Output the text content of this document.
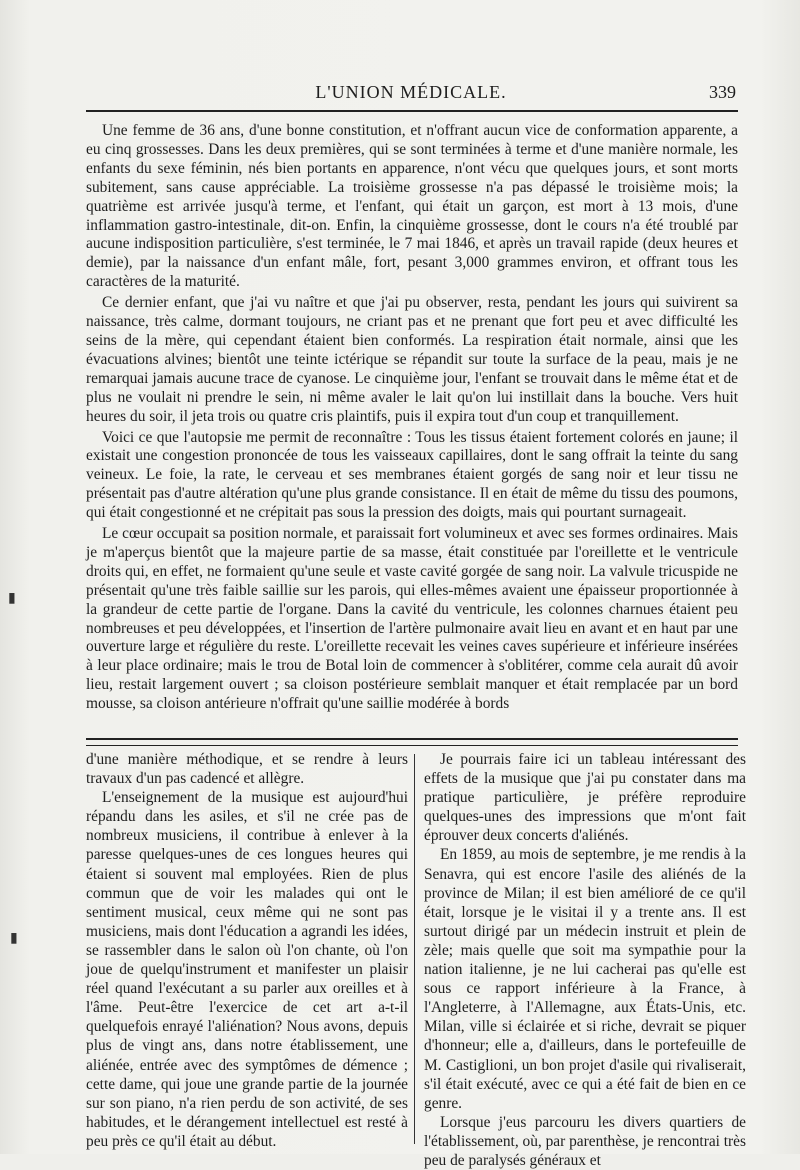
L'UNION MÉDICALE.	339

Une femme de 36 ans, d'une bonne constitution, et n'offrant aucun vice de conformation apparente, a eu cinq grossesses. Dans les deux premières, qui se sont terminées à terme et d'une manière normale, les enfants du sexe féminin, nés bien portants en apparence, n'ont vécu que quelques jours, et sont morts subitement, sans cause appréciable. La troisième grossesse n'a pas dépassé le troisième mois; la quatrième est arrivée jusqu'à terme, et l'enfant, qui était un garçon, est mort à 13 mois, d'une inflammation gastro-intestinale, dit-on. Enfin, la cinquième grossesse, dont le cours n'a été troublé par aucune indisposition particulière, s'est terminée, le 7 mai 1846, et après un travail rapide (deux heures et demie), par la naissance d'un enfant mâle, fort, pesant 3,000 grammes environ, et offrant tous les caractères de la maturité.

Ce dernier enfant, que j'ai vu naître et que j'ai pu observer, resta, pendant les jours qui suivirent sa naissance, très calme, dormant toujours, ne criant pas et ne prenant que fort peu et avec difficulté les seins de la mère, qui cependant étaient bien conformés. La respiration était normale, ainsi que les évacuations alvines; bientôt une teinte ictérique se répandit sur toute la surface de la peau, mais je ne remarquai jamais aucune trace de cyanose. Le cinquième jour, l'enfant se trouvait dans le même état et de plus ne voulait ni prendre le sein, ni même avaler le lait qu'on lui instillait dans la bouche. Vers huit heures du soir, il jeta trois ou quatre cris plaintifs, puis il expira tout d'un coup et tranquillement.

Voici ce que l'autopsie me permit de reconnaître : Tous les tissus étaient fortement colorés en jaune; il existait une congestion prononcée de tous les vaisseaux capillaires, dont le sang offrait la teinte du sang veineux. Le foie, la rate, le cerveau et ses membranes étaient gorgés de sang noir et leur tissu ne présentait pas d'autre altération qu'une plus grande consistance. Il en était de même du tissu des poumons, qui était congestionné et ne crépitait pas sous la pression des doigts, mais qui pourtant surnageait.

Le cœur occupait sa position normale, et paraissait fort volumineux et avec ses formes ordinaires. Mais je m'aperçus bientôt que la majeure partie de sa masse, était constituée par l'oreillette et le ventricule droits qui, en effet, ne formaient qu'une seule et vaste cavité gorgée de sang noir. La valvule tricuspide ne présentait qu'une très faible saillie sur les parois, qui elles-mêmes avaient une épaisseur proportionnée à la grandeur de cette partie de l'organe. Dans la cavité du ventricule, les colonnes charnues étaient peu nombreuses et peu développées, et l'insertion de l'artère pulmonaire avait lieu en avant et en haut par une ouverture large et régulière du reste. L'oreillette recevait les veines caves supérieure et inférieure insérées à leur place ordinaire; mais le trou de Botal loin de commencer à s'oblitérer, comme cela aurait dû avoir lieu, restait largement ouvert ; sa cloison postérieure semblait manquer et était remplacée par un bord mousse, sa cloison antérieure n'offrait qu'une saillie modérée à bords

d'une manière méthodique, et se rendre à leurs travaux d'un pas cadencé et allègre.

L'enseignement de la musique est aujourd'hui répandu dans les asiles, et s'il ne crée pas de nombreux musiciens, il contribue à enlever à la paresse quelques-unes de ces longues heures qui étaient si souvent mal employées. Rien de plus commun que de voir les malades qui ont le sentiment musical, ceux même qui ne sont pas musiciens, mais dont l'éducation a agrandi les idées, se rassembler dans le salon où l'on chante, où l'on joue de quelqu'instrument et manifester un plaisir réel quand l'exécutant a su parler aux oreilles et à l'âme. Peut-être l'exercice de cet art a-t-il quelquefois enrayé l'aliénation? Nous avons, depuis plus de vingt ans, dans notre établissement, une aliénée, entrée avec des symptômes de démence ; cette dame, qui joue une grande partie de la journée sur son piano, n'a rien perdu de son activité, de ses habitudes, et le dérangement intellectuel est resté à peu près ce qu'il était au début.

Je pourrais faire ici un tableau intéressant des effets de la musique que j'ai pu constater dans ma pratique particulière, je préfère reproduire quelques-unes des impressions que m'ont fait éprouver deux concerts d'aliénés.

En 1859, au mois de septembre, je me rendis à la Senavra, qui est encore l'asile des aliénés de la province de Milan; il est bien amélioré de ce qu'il était, lorsque je le visitai il y a trente ans. Il est surtout dirigé par un médecin instruit et plein de zèle; mais quelle que soit ma sympathie pour la nation italienne, je ne lui cacherai pas qu'elle est sous ce rapport inférieure à la France, à l'Angleterre, à l'Allemagne, aux États-Unis, etc. Milan, ville si éclairée et si riche, devrait se piquer d'honneur; elle a, d'ailleurs, dans le portefeuille de M. Castiglioni, un bon projet d'asile qui rivaliserait, s'il était exécuté, avec ce qui a été fait de bien en ce genre.

Lorsque j'eus parcouru les divers quartiers de l'établissement, où, par parenthèse, je rencontrai très peu de paralysés généraux et

▮
▮
